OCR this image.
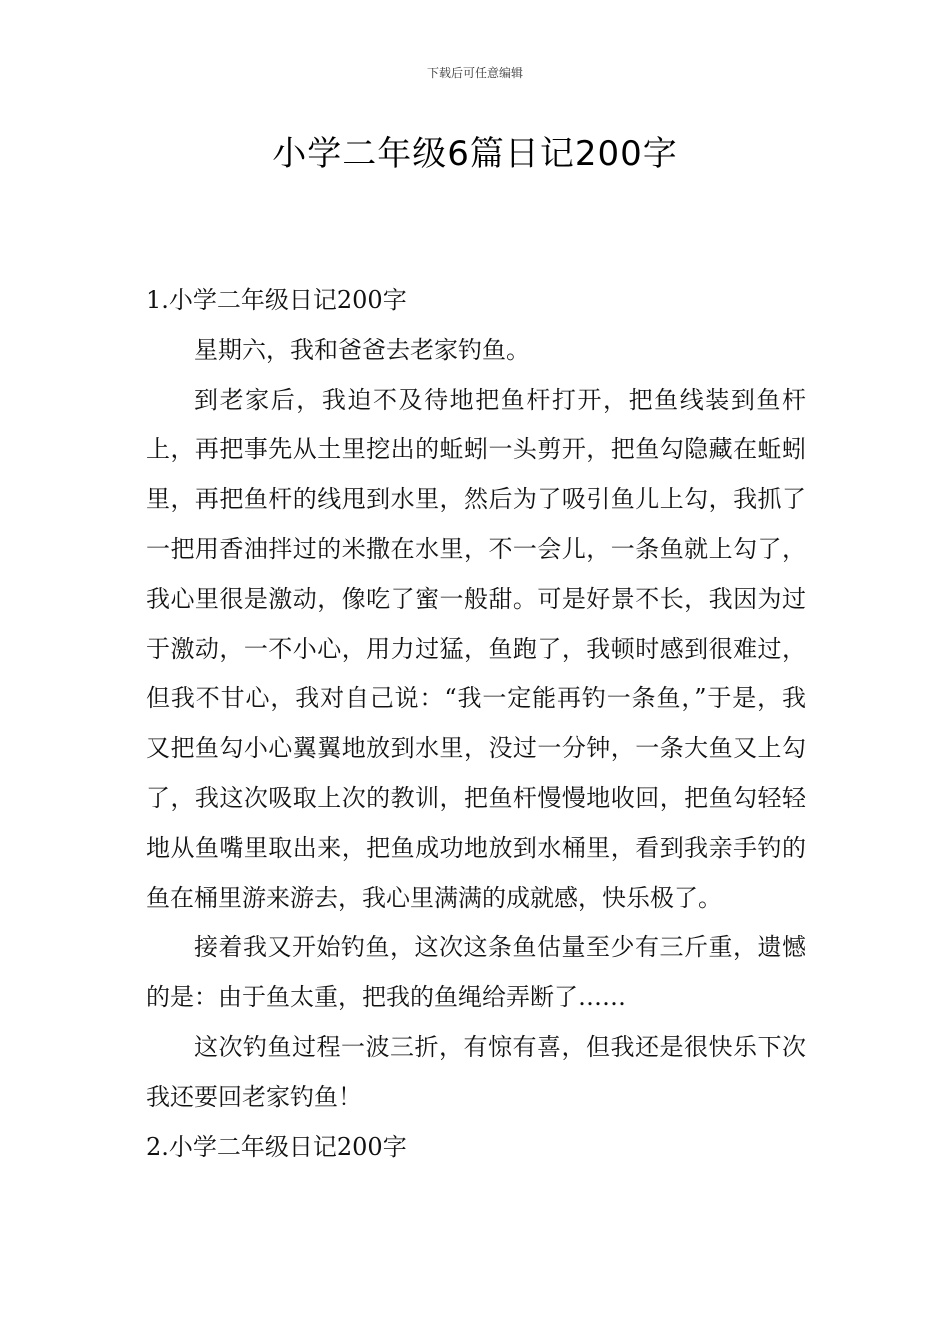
下载后可任意编辑
小学二年级6篇日记200字
1.小学二年级日记200字

星期六，我和爸爸去老家钓鱼。

到老家后，我迫不及待地把鱼杆打开，把鱼线装到鱼杆上，再把事先从土里挖出的蚯蚓一头剪开，把鱼勾隐藏在蚯蚓里，再把鱼杆的线甩到水里，然后为了吸引鱼儿上勾，我抓了一把用香油拌过的米撒在水里，不一会儿，一条鱼就上勾了，我心里很是激动，像吃了蜜一般甜。可是好景不长，我因为过于激动，一不小心，用力过猛，鱼跑了，我顿时感到很难过，但我不甘心，我对自己说：“我一定能再钓一条鱼，”于是，我又把鱼勾小心翼翼地放到水里，没过一分钟，一条大鱼又上勾了，我这次吸取上次的教训，把鱼杆慢慢地收回，把鱼勾轻轻地从鱼嘴里取出来，把鱼成功地放到水桶里，看到我亲手钓的鱼在桶里游来游去，我心里满满的成就感，快乐极了。

接着我又开始钓鱼，这次这条鱼估量至少有三斤重，遗憾的是：由于鱼太重，把我的鱼绳给弄断了……

这次钓鱼过程一波三折，有惊有喜，但我还是很快乐下次我还要回老家钓鱼！

2.小学二年级日记200字
